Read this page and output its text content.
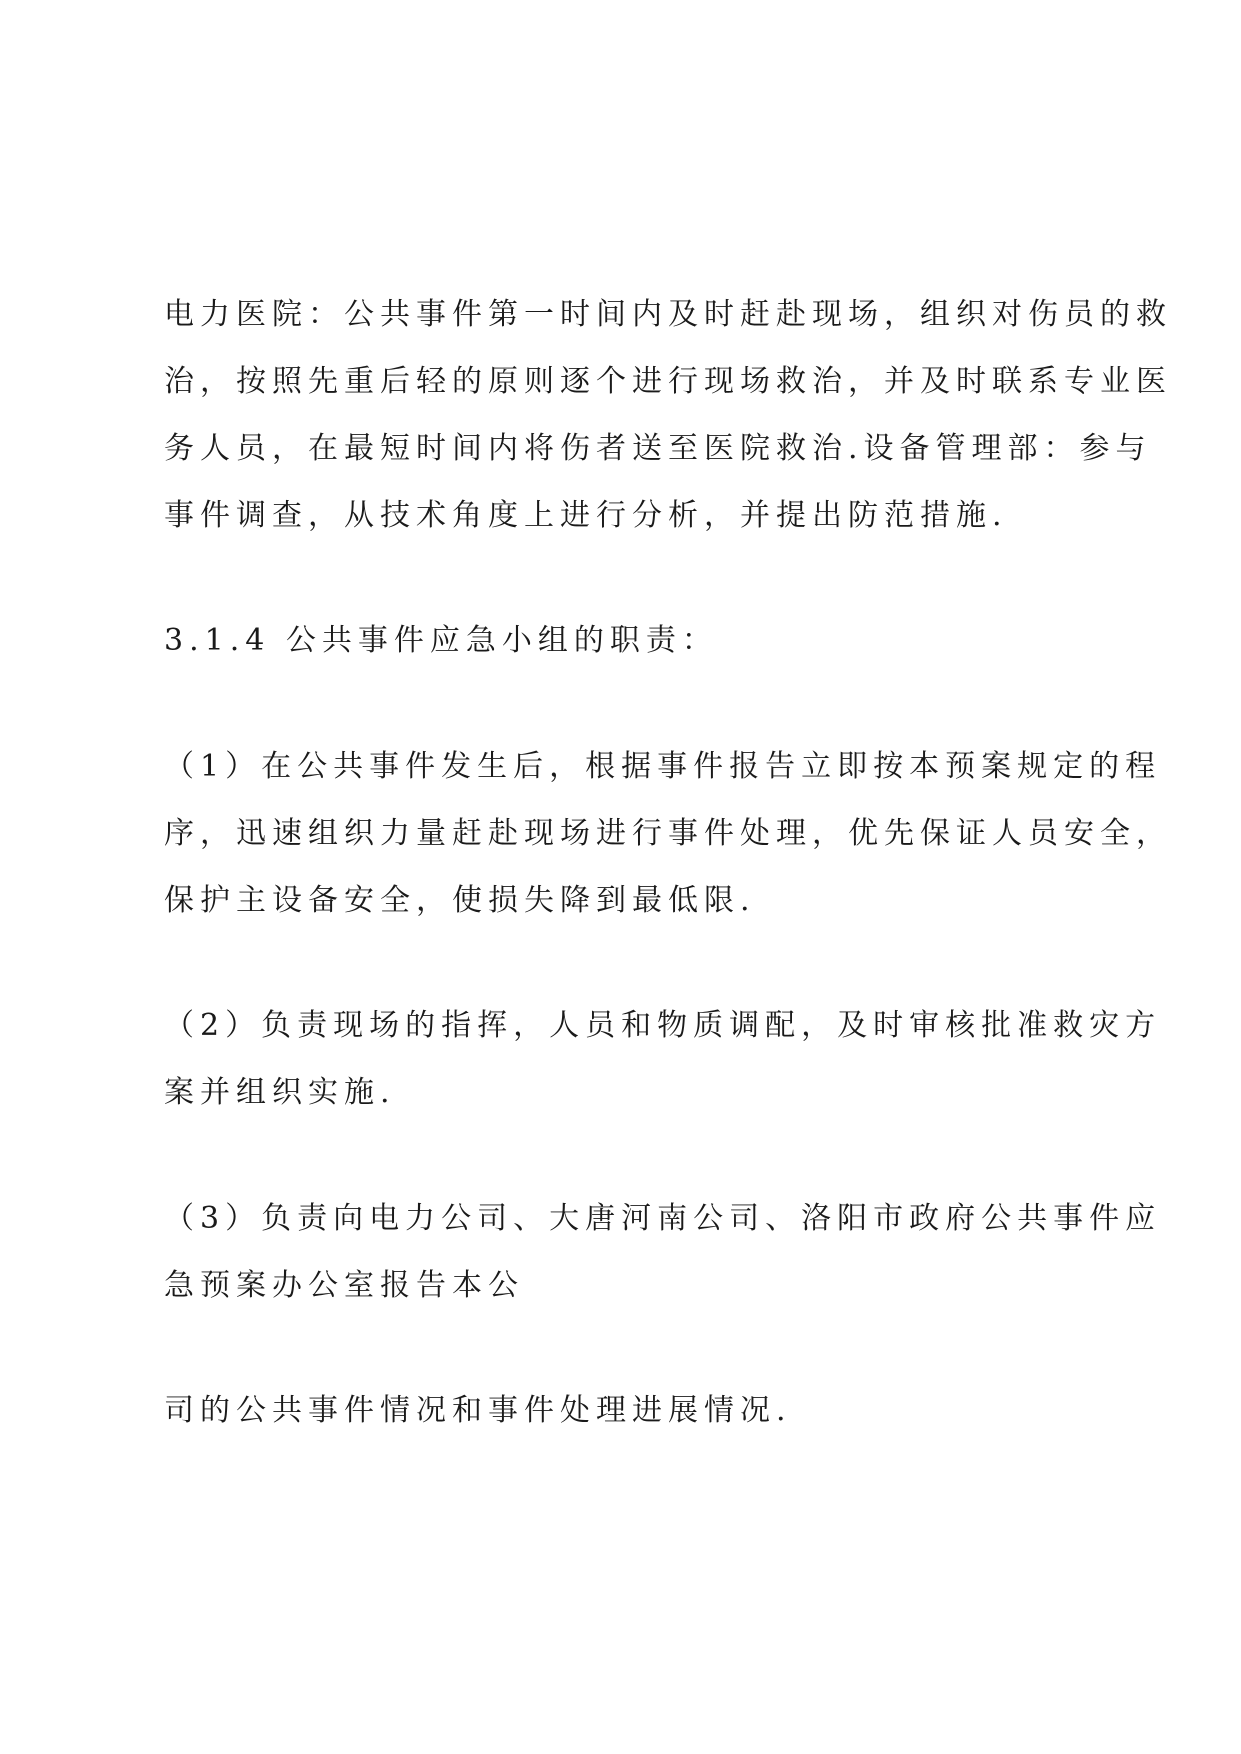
电力医院：公共事件第一时间内及时赶赴现场，组织对伤员的救
治，按照先重后轻的原则逐个进行现场救治，并及时联系专业医
务人员，在最短时间内将伤者送至医院救治.设备管理部：参与
事件调查，从技术角度上进行分析，并提出防范措施.
3.1.4 公共事件应急小组的职责：
（1）在公共事件发生后，根据事件报告立即按本预案规定的程
序，迅速组织力量赶赴现场进行事件处理，优先保证人员安全，
保护主设备安全，使损失降到最低限.
（2）负责现场的指挥，人员和物质调配，及时审核批准救灾方
案并组织实施.
（3）负责向电力公司、大唐河南公司、洛阳市政府公共事件应
急预案办公室报告本公
司的公共事件情况和事件处理进展情况.
